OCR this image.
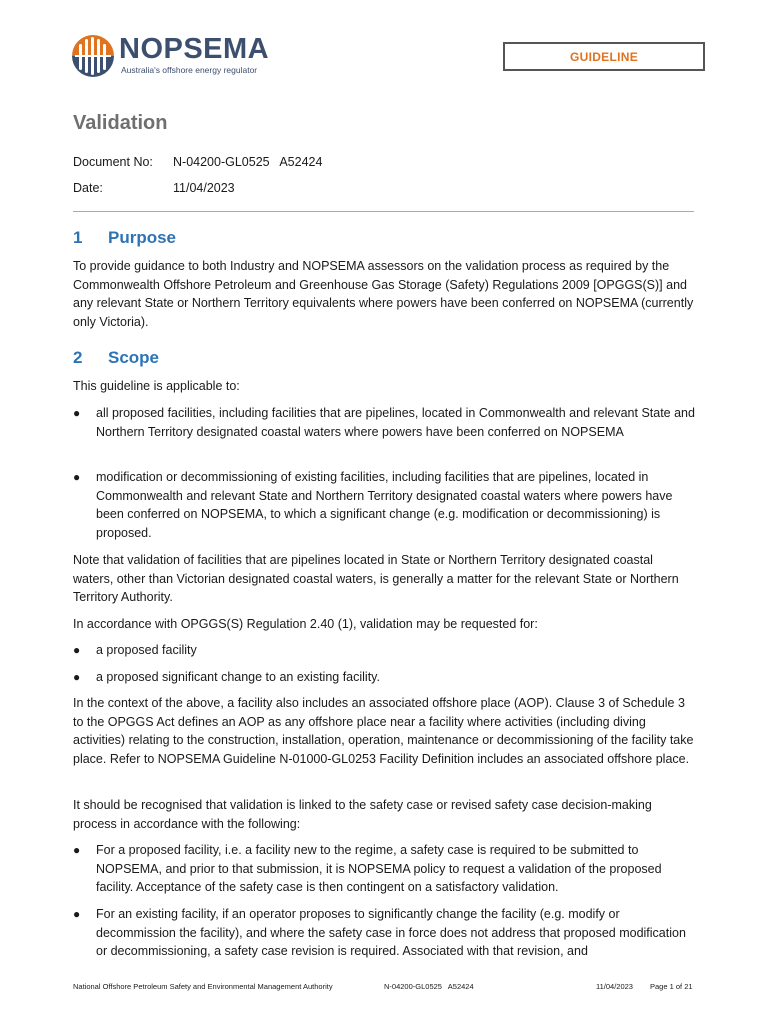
NOPSEMA
Australia's offshore energy regulator
GUIDELINE
Validation
Document No: N-04200-GL0525   A52424
Date:	11/04/2023
1 Purpose

To provide guidance to both Industry and NOPSEMA assessors on the validation process as required by the Commonwealth Offshore Petroleum and Greenhouse Gas Storage (Safety) Regulations 2009 [OPGGS(S)] and any relevant State or Northern Territory equivalents where powers have been conferred on NOPSEMA (currently only Victoria).

2 Scope

This guideline is applicable to:

● all proposed facilities, including facilities that are pipelines, located in Commonwealth and relevant State and Northern Territory designated coastal waters where powers have been conferred on NOPSEMA
● modification or decommissioning of existing facilities, including facilities that are pipelines, located in Commonwealth and relevant State and Northern Territory designated coastal waters where powers have been conferred on NOPSEMA, to which a significant change (e.g. modification or decommissioning) is proposed.

Note that validation of facilities that are pipelines located in State or Northern Territory designated coastal waters, other than Victorian designated coastal waters, is generally a matter for the relevant State or Northern Territory Authority.

In accordance with OPGGS(S) Regulation 2.40 (1), validation may be requested for:

● a proposed facility
● a proposed significant change to an existing facility.

In the context of the above, a facility also includes an associated offshore place (AOP). Clause 3 of Schedule 3 to the OPGGS Act defines an AOP as any offshore place near a facility where activities (including diving activities) relating to the construction, installation, operation, maintenance or decommissioning of the facility take place. Refer to NOPSEMA Guideline N-01000-GL0253 Facility Definition includes an associated offshore place.

It should be recognised that validation is linked to the safety case or revised safety case decision-making process in accordance with the following:

● For a proposed facility, i.e. a facility new to the regime, a safety case is required to be submitted to NOPSEMA, and prior to that submission, it is NOPSEMA policy to request a validation of the proposed facility. Acceptance of the safety case is then contingent on a satisfactory validation.
● For an existing facility, if an operator proposes to significantly change the facility (e.g. modify or decommission the facility), and where the safety case in force does not address that proposed modification or decommissioning, a safety case revision is required. Associated with that revision, and
National Offshore Petroleum Safety and Environmental Management Authority	N-04200-GL0525   A52424	11/04/2023 Page 1 of 21
